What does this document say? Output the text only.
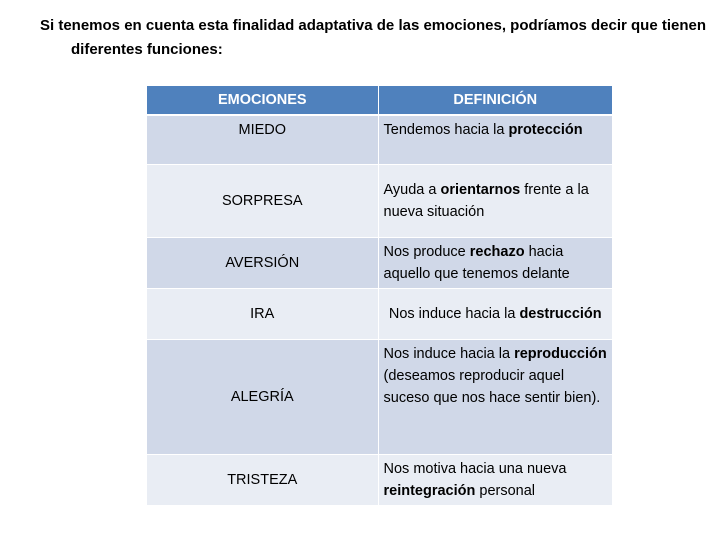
Si tenemos en cuenta esta finalidad adaptativa de las emociones, podríamos decir que tienen diferentes funciones:
EMOCIONES	DEFINICIÓN
MIEDO	Tendemos hacia la protección
SORPRESA	Ayuda a orientarnos frente a la nueva situación
AVERSIÓN	Nos produce rechazo hacia aquello que tenemos delante
IRA	Nos induce hacia la destrucción
ALEGRÍA	Nos induce hacia la reproducción (deseamos reproducir aquel suceso que nos hace sentir bien).
TRISTEZA	Nos motiva hacia una nueva reintegración personal
